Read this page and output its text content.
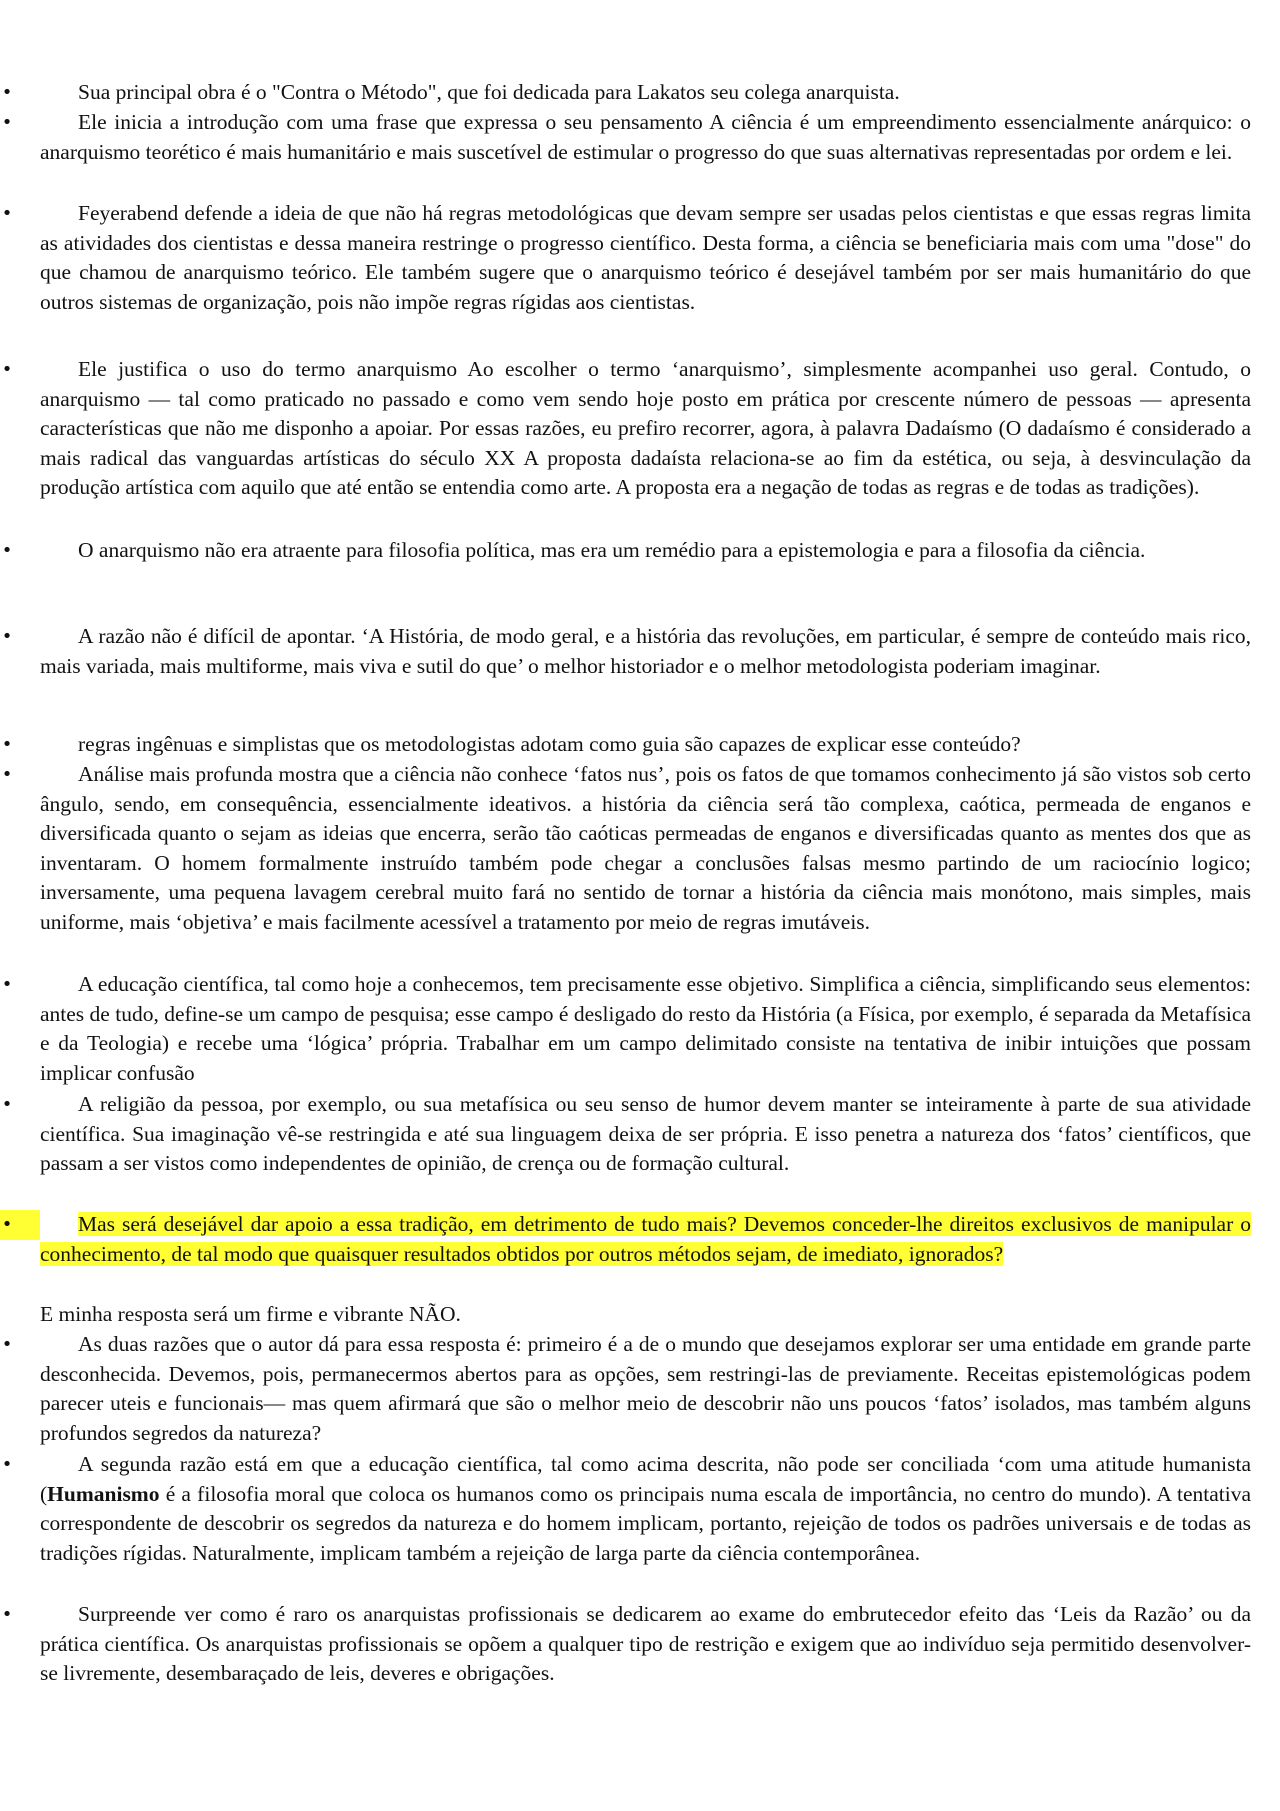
•	Sua principal obra é o "Contra o Método", que foi dedicada para Lakatos seu colega anarquista.
•	Ele inicia a introdução com uma frase que expressa o seu pensamento A ciência é um empreendimento essencialmente anárquico: o anarquismo teorético é mais humanitário e mais suscetível de estimular o progresso do que suas alternativas representadas por ordem e lei.
•	Feyerabend defende a ideia de que não há regras metodológicas que devam sempre ser usadas pelos cientistas e que essas regras limita as atividades dos cientistas e dessa maneira restringe o progresso científico. Desta forma, a ciência se beneficiaria mais com uma "dose" do que chamou de anarquismo teórico. Ele também sugere que o anarquismo teórico é desejável também por ser mais humanitário do que outros sistemas de organização, pois não impõe regras rígidas aos cientistas.
•	Ele justifica o uso do termo anarquismo Ao escolher o termo ‘anarquismo’, simplesmente acompanhei uso geral. Contudo, o anarquismo — tal como praticado no passado e como vem sendo hoje posto em prática por crescente número de pessoas — apresenta características que não me disponho a apoiar. Por essas razões, eu prefiro recorrer, agora, à palavra Dadaísmo (O dadaísmo é considerado a mais radical das vanguardas artísticas do século XX A proposta dadaísta relaciona-se ao fim da estética, ou seja, à desvinculação da produção artística com aquilo que até então se entendia como arte. A proposta era a negação de todas as regras e de todas as tradições).
•	O anarquismo não era atraente para filosofia política, mas era um remédio para a epistemologia e para a filosofia da ciência.
•	A razão não é difícil de apontar. ‘A História, de modo geral, e a história das revoluções, em particular, é sempre de conteúdo mais rico, mais variada, mais multiforme, mais viva e sutil do que’ o melhor historiador e o melhor metodologista poderiam imaginar.
•	regras ingênuas e simplistas que os metodologistas adotam como guia são capazes de explicar esse conteúdo?
•	Análise mais profunda mostra que a ciência não conhece ‘fatos nus’, pois os fatos de que tomamos conhecimento já são vistos sob certo ângulo, sendo, em consequência, essencialmente ideativos. a história da ciência será tão complexa, caótica, permeada de enganos e diversificada quanto o sejam as ideias que encerra, serão tão caóticas permeadas de enganos e diversificadas quanto as mentes dos que as inventaram. O homem formalmente instruído também pode chegar a conclusões falsas mesmo partindo de um raciocínio logico; inversamente, uma pequena lavagem cerebral muito fará no sentido de tornar a história da ciência mais monótono, mais simples, mais uniforme, mais ‘objetiva’ e mais facilmente acessível a tratamento por meio de regras imutáveis.
•	A educação científica, tal como hoje a conhecemos, tem precisamente esse objetivo. Simplifica a ciência, simplificando seus elementos: antes de tudo, define-se um campo de pesquisa; esse campo é desligado do resto da História (a Física, por exemplo, é separada da Metafísica e da Teologia) e recebe uma ‘lógica’ própria. Trabalhar em um campo delimitado consiste na tentativa de inibir intuições que possam implicar confusão
•	A religião da pessoa, por exemplo, ou sua metafísica ou seu senso de humor devem manter se inteiramente à parte de sua atividade científica. Sua imaginação vê-se restringida e até sua linguagem deixa de ser própria. E isso penetra a natureza dos ‘fatos’ científicos, que passam a ser vistos como independentes de opinião, de crença ou de formação cultural.
•	Mas será desejável dar apoio a essa tradição, em detrimento de tudo mais? Devemos conceder-lhe direitos exclusivos de manipular o conhecimento, de tal modo que quaisquer resultados obtidos por outros métodos sejam, de imediato, ignorados?
E minha resposta será um firme e vibrante NÃO.
•	As duas razões que o autor dá para essa resposta é: primeiro é a de o mundo que desejamos explorar ser uma entidade em grande parte desconhecida. Devemos, pois, permanecermos abertos para as opções, sem restringi-las de previamente. Receitas epistemológicas podem parecer uteis e funcionais— mas quem afirmará que são o melhor meio de descobrir não uns poucos ‘fatos’ isolados, mas também alguns profundos segredos da natureza?
•	A segunda razão está em que a educação científica, tal como acima descrita, não pode ser conciliada ‘com uma atitude humanista (Humanismo é a filosofia moral que coloca os humanos como os principais numa escala de importância, no centro do mundo). A tentativa correspondente de descobrir os segredos da natureza e do homem implicam, portanto, rejeição de todos os padrões universais e de todas as tradições rígidas. Naturalmente, implicam também a rejeição de larga parte da ciência contemporânea.
•	Surpreende ver como é raro os anarquistas profissionais se dedicarem ao exame do embrutecedor efeito das ‘Leis da Razão’ ou da prática científica. Os anarquistas profissionais se opõem a qualquer tipo de restrição e exigem que ao indivíduo seja permitido desenvolver-se livremente, desembaraçado de leis, deveres e obrigações.
